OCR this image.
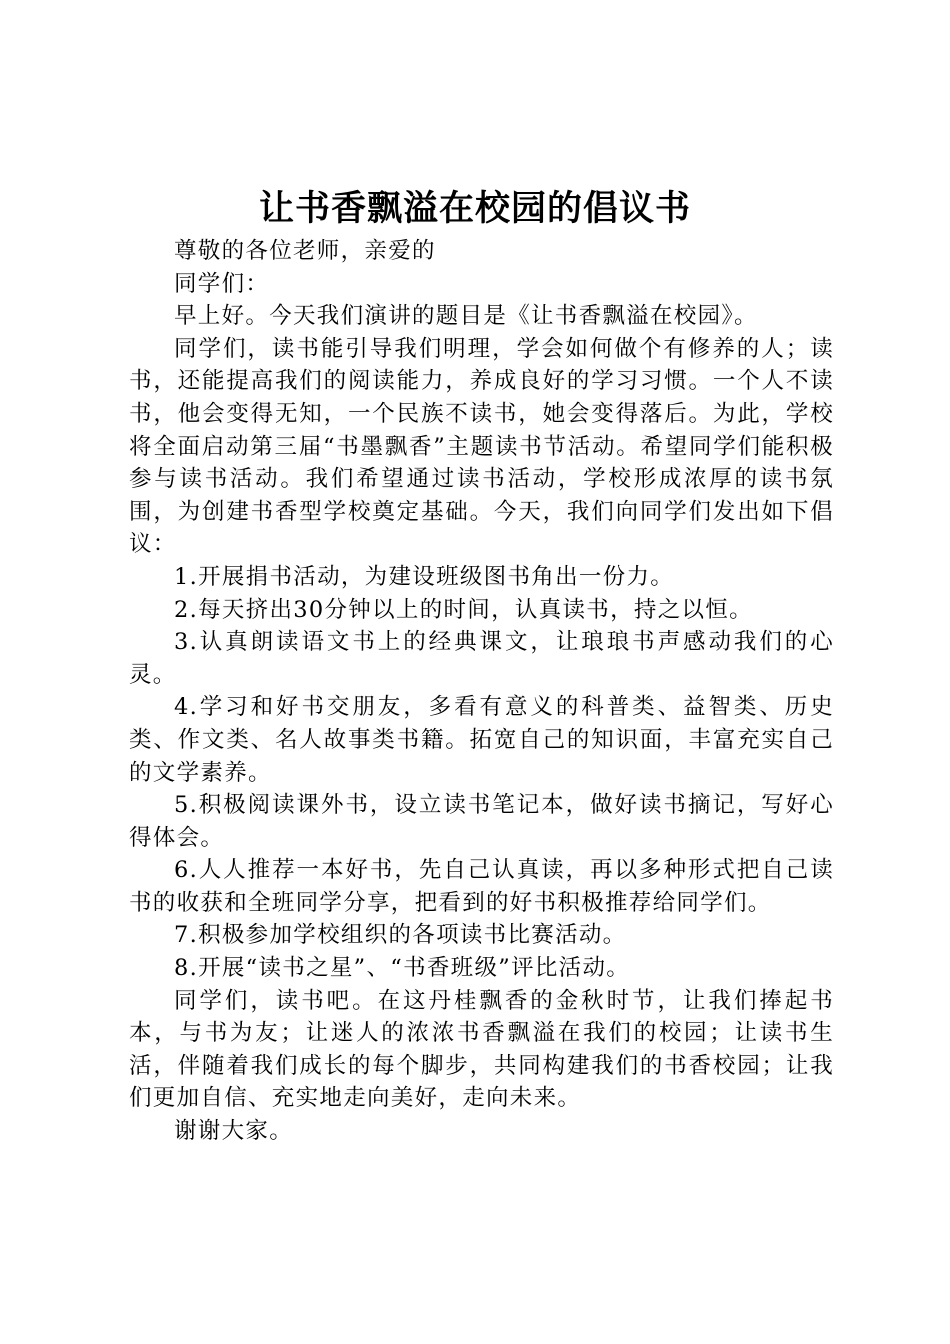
让书香飘溢在校园的倡议书

尊敬的各位老师，亲爱的

同学们：

早上好。今天我们演讲的题目是《让书香飘溢在校园》。

同学们，读书能引导我们明理，学会如何做个有修养的人；读书，还能提高我们的阅读能力，养成良好的学习习惯。一个人不读书，他会变得无知，一个民族不读书，她会变得落后。为此，学校将全面启动第三届“书墨飘香”主题读书节活动。希望同学们能积极参与读书活动。我们希望通过读书活动，学校形成浓厚的读书氛围，为创建书香型学校奠定基础。今天，我们向同学们发出如下倡议：

1.开展捐书活动，为建设班级图书角出一份力。

2.每天挤出30分钟以上的时间，认真读书，持之以恒。

3.认真朗读语文书上的经典课文，让琅琅书声感动我们的心灵。

4.学习和好书交朋友，多看有意义的科普类、益智类、历史类、作文类、名人故事类书籍。拓宽自己的知识面，丰富充实自己的文学素养。

5.积极阅读课外书，设立读书笔记本，做好读书摘记，写好心得体会。

6.人人推荐一本好书，先自己认真读，再以多种形式把自己读书的收获和全班同学分享，把看到的好书积极推荐给同学们。

7.积极参加学校组织的各项读书比赛活动。

8.开展“读书之星”、“书香班级”评比活动。

同学们，读书吧。在这丹桂飘香的金秋时节，让我们捧起书本，与书为友；让迷人的浓浓书香飘溢在我们的校园；让读书生活，伴随着我们成长的每个脚步，共同构建我们的书香校园；让我们更加自信、充实地走向美好，走向未来。

谢谢大家。
